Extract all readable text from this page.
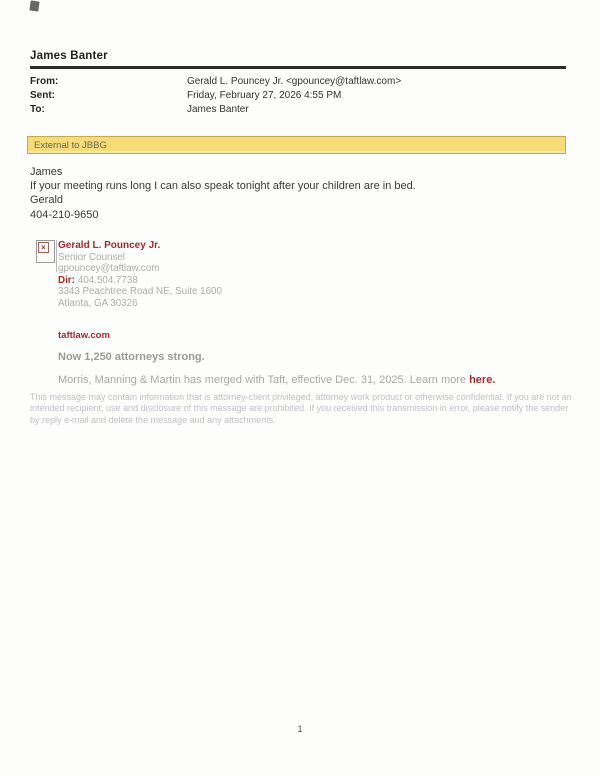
James Banter
From:	Gerald L. Pouncey Jr. <gpouncey@taftlaw.com>
Sent:	Friday, February 27, 2026 4:55 PM
To:	James Banter
External to JBBG
James
If your meeting runs long I can also speak tonight after your children are in bed.
Gerald
404-210-9650
×	Gerald L. Pouncey Jr.
Senior Counsel
gpouncey@taftlaw.com
Dir: 404.504.7738
3343 Peachtree Road NE, Suite 1600
Atlanta, GA 30326
taftlaw.com
Now 1,250 attorneys strong.
Morris, Manning & Martin has merged with Taft, effective Dec. 31, 2025. Learn more here.
This message may contain information that is attorney-client privileged, attorney work product or otherwise confidential. If you are not an intended recipient, use and disclosure of this message are prohibited. If you received this transmission in error, please notify the sender by reply e-mail and delete the message and any attachments.
1
